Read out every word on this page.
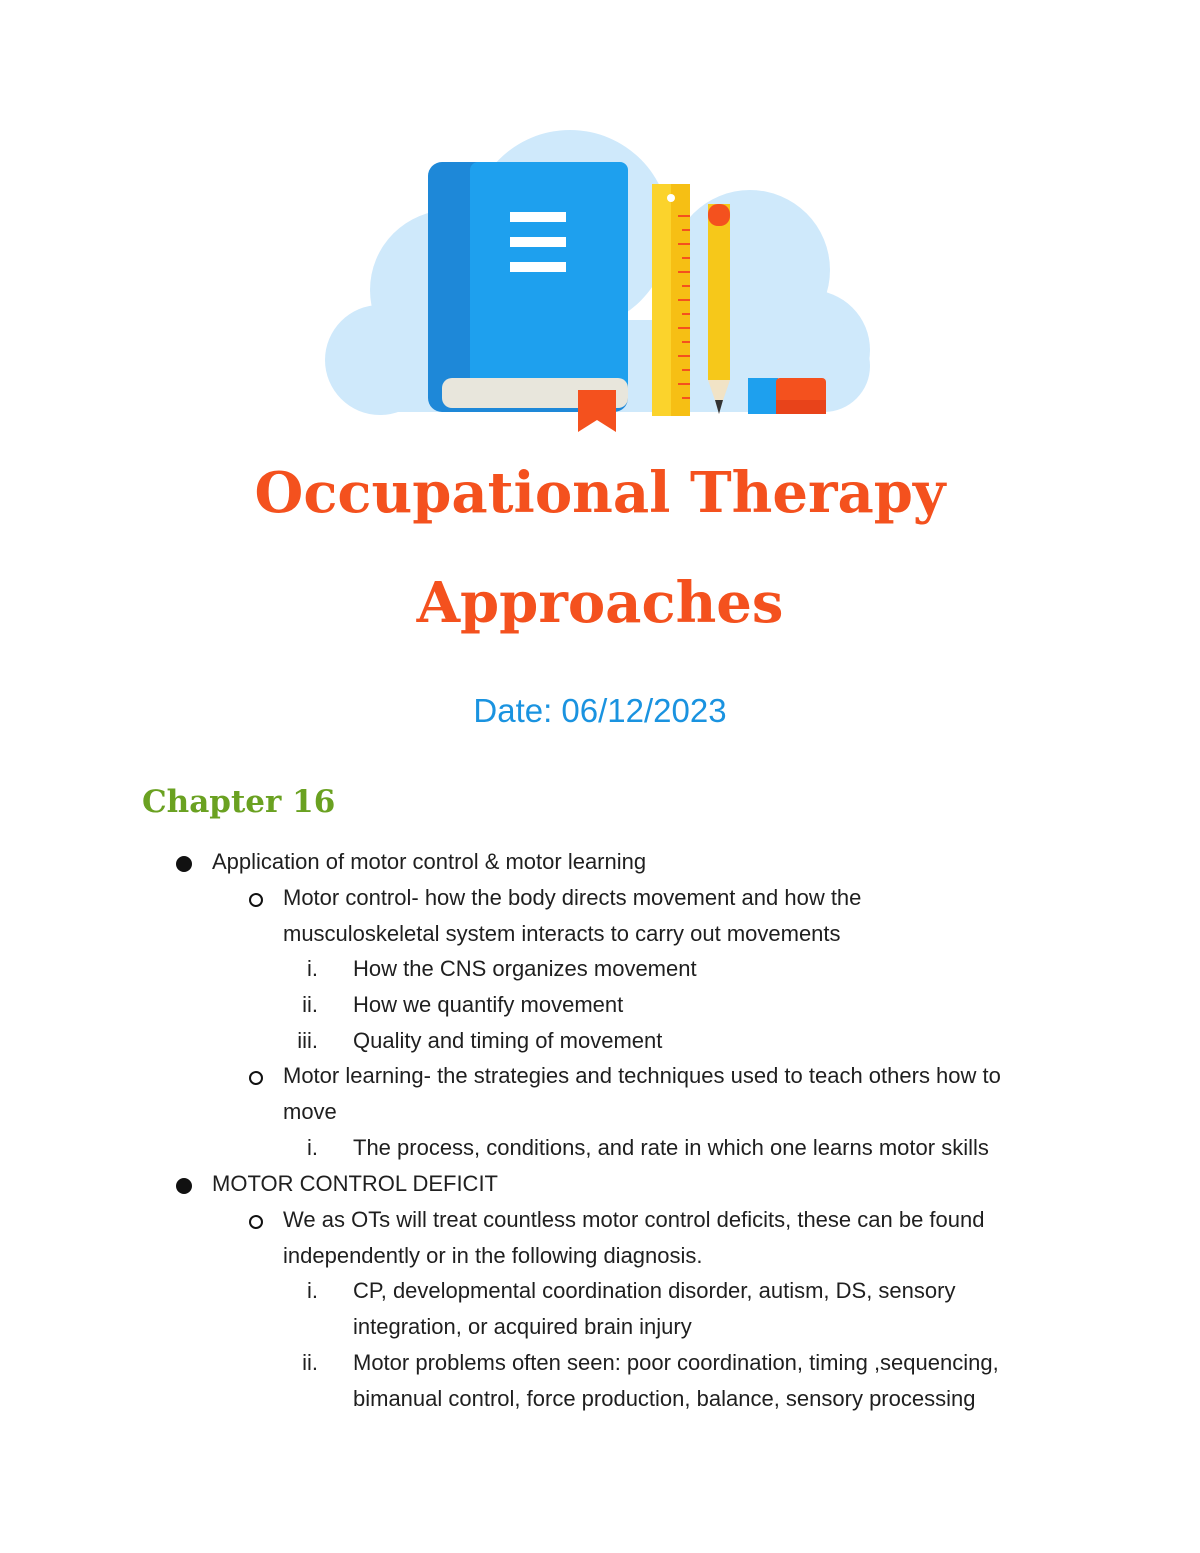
Occupational Therapy
Approaches
Date: 06/12/2023
Chapter 16
Application of motor control & motor learning
Motor control- how the body directs movement and how the
musculoskeletal system interacts to carry out movements
i. How the CNS organizes movement
ii. How we quantify movement
iii. Quality and timing of movement
Motor learning- the strategies and techniques used to teach others how to
move
i. The process, conditions, and rate in which one learns motor skills
MOTOR CONTROL DEFICIT
We as OTs will treat countless motor control deficits, these can be found
independently or in the following diagnosis.
i. CP, developmental coordination disorder, autism, DS, sensory
integration, or acquired brain injury
ii. Motor problems often seen: poor coordination, timing ,sequencing,
bimanual control, force production, balance, sensory processing
